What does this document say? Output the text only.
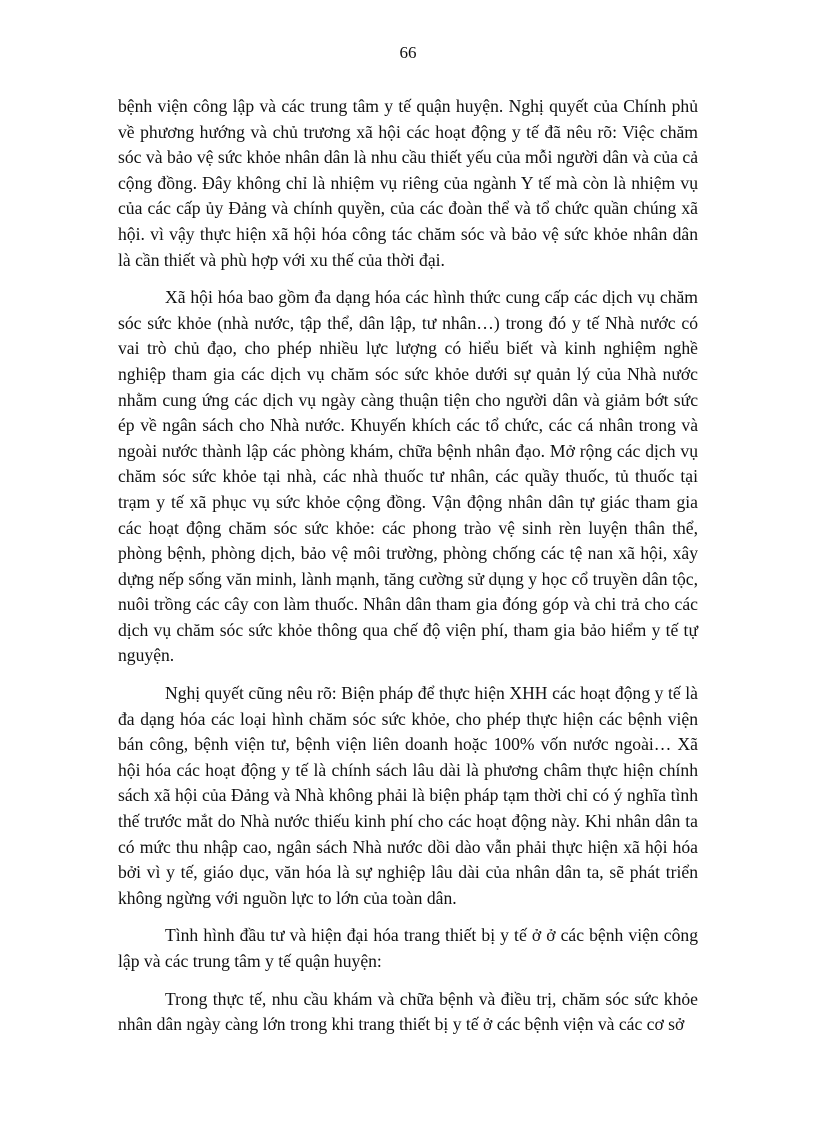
66

bệnh viện công lập và các trung tâm y tế quận huyện. Nghị quyết của Chính phủ về phương hướng và chủ trương xã hội các hoạt động y tế đã nêu rõ: Việc chăm sóc và bảo vệ sức khỏe nhân dân là nhu cầu thiết yếu của mỗi người dân và của cả cộng đồng. Đây không chỉ là nhiệm vụ riêng của ngành Y tế mà còn là nhiệm vụ của các cấp ủy Đảng và chính quyền, của các đoàn thể và tổ chức quần chúng xã hội. vì vậy thực hiện xã hội hóa công tác chăm sóc và bảo vệ sức khỏe nhân dân là cần thiết và phù hợp với xu thế của thời đại.

Xã hội hóa bao gồm đa dạng hóa các hình thức cung cấp các dịch vụ chăm sóc sức khỏe (nhà nước, tập thể, dân lập, tư nhân…) trong đó y tế Nhà nước có vai trò chủ đạo, cho phép nhiều lực lượng có hiểu biết và kinh nghiệm nghề nghiệp tham gia các dịch vụ chăm sóc sức khỏe dưới sự quản lý của Nhà nước nhằm cung ứng các dịch vụ ngày càng thuận tiện cho người dân và giảm bớt sức ép về ngân sách cho Nhà nước. Khuyến khích các tổ chức, các cá nhân trong và ngoài nước thành lập các phòng khám, chữa bệnh nhân đạo. Mở rộng các dịch vụ chăm sóc sức khỏe tại nhà, các nhà thuốc tư nhân, các quầy thuốc, tủ thuốc tại trạm y tế xã phục vụ sức khỏe cộng đồng. Vận động nhân dân tự giác tham gia các hoạt động chăm sóc sức khỏe: các phong trào vệ sinh rèn luyện thân thể, phòng bệnh, phòng dịch, bảo vệ môi trường, phòng chống các tệ nan xã hội, xây dựng nếp sống văn minh, lành mạnh, tăng cường sử dụng y học cổ truyền dân tộc, nuôi trồng các cây con làm thuốc. Nhân dân tham gia đóng góp và chi trả cho các dịch vụ chăm sóc sức khỏe thông qua chế độ viện phí, tham gia bảo hiểm y tế tự nguyện.

Nghị quyết cũng nêu rõ: Biện pháp để thực hiện XHH các hoạt động y tế là đa dạng hóa các loại hình chăm sóc sức khỏe, cho phép thực hiện các bệnh viện bán công, bệnh viện tư, bệnh viện liên doanh hoặc 100% vốn nước ngoài… Xã hội hóa các hoạt động y tế là chính sách lâu dài là phương châm thực hiện chính sách xã hội của Đảng và Nhà không phải là biện pháp tạm thời chỉ có ý nghĩa tình thế trước mắt do Nhà nước thiếu kinh phí cho các hoạt động này. Khi nhân dân ta có mức thu nhập cao, ngân sách Nhà nước dồi dào vẫn phải thực hiện xã hội hóa bởi vì y tế, giáo dục, văn hóa là sự nghiệp lâu dài của nhân dân ta, sẽ phát triển không ngừng với nguồn lực to lớn của toàn dân.

Tình hình đầu tư và hiện đại hóa trang thiết bị y tế ở ở các bệnh viện công lập và các trung tâm y tế quận huyện:

Trong thực tế, nhu cầu khám và chữa bệnh và điều trị, chăm sóc sức khỏe nhân dân ngày càng lớn trong khi trang thiết bị y tế ở các bệnh viện và các cơ sở
